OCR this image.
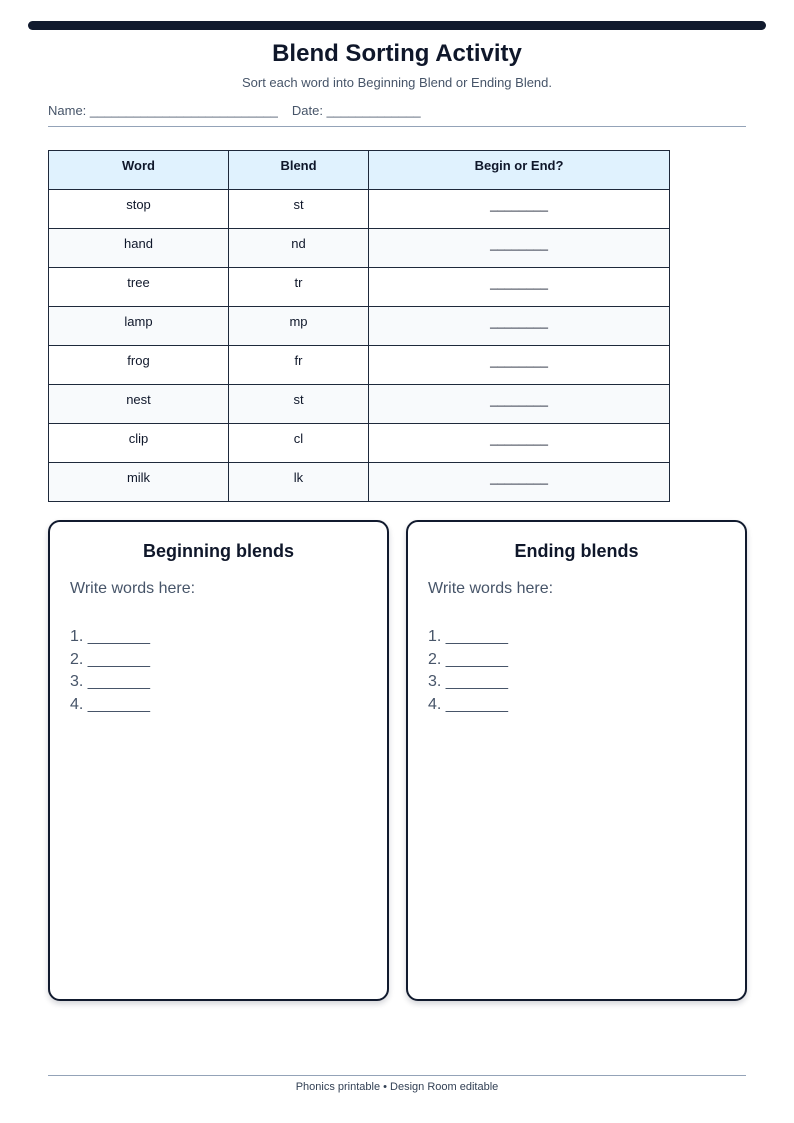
Blend Sorting Activity
Sort each word into Beginning Blend or Ending Blend.
Name: __________________________ Date: _____________
Word	Blend	Begin or End?
stop	st	________
hand	nd	________
tree	tr	________
lamp	mp	________
frog	fr	________
nest	st	________
clip	cl	________
milk	lk	________
Beginning blends
Write words here:
1. _______
2. _______
3. _______
4. _______
Ending blends
Write words here:
1. _______
2. _______
3. _______
4. _______
Phonics printable • Design Room editable
